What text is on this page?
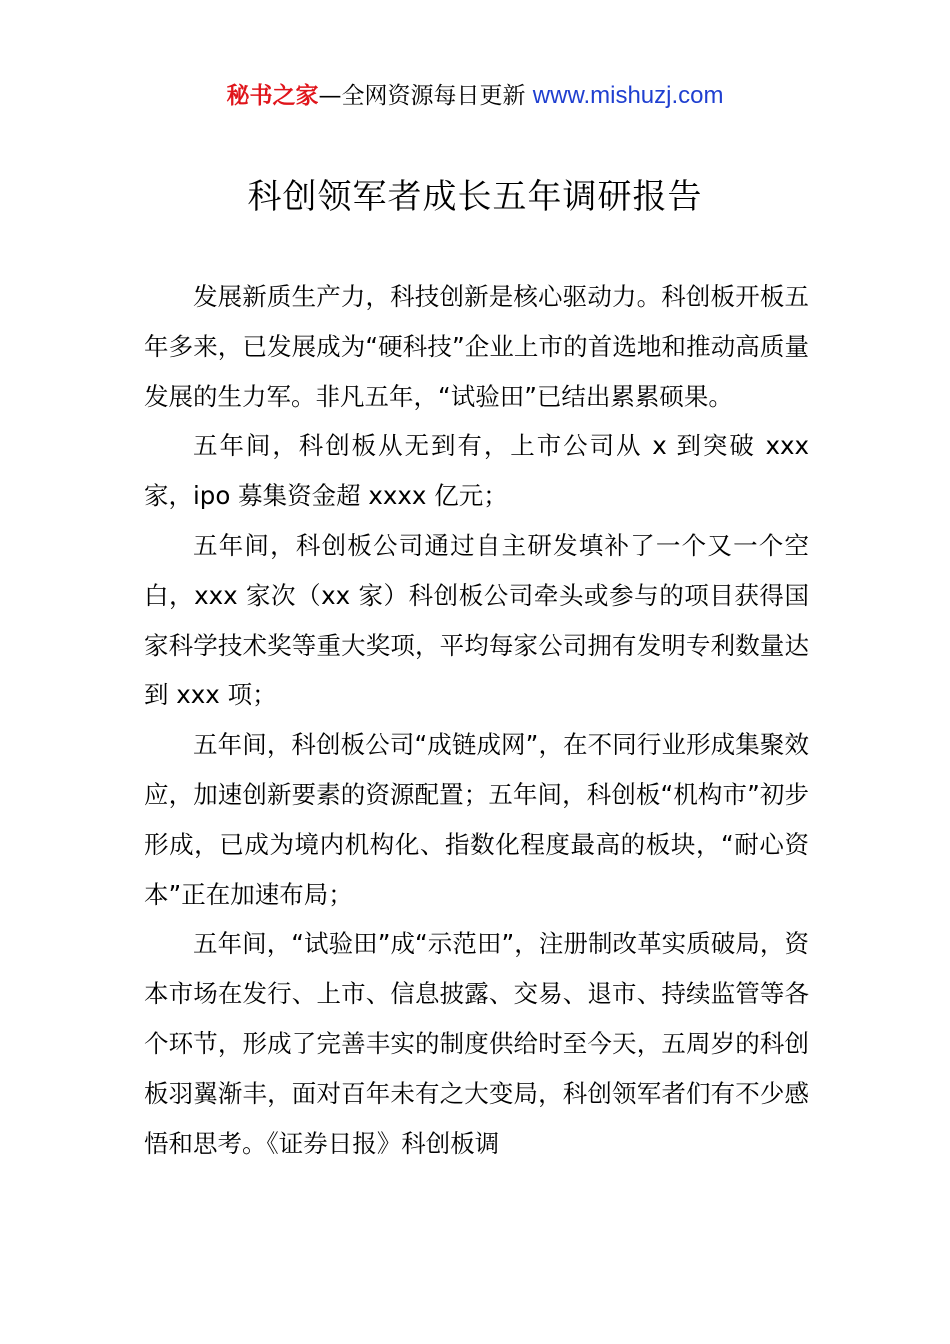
秘书之家—全网资源每日更新 www.mishuzj.com
科创领军者成长五年调研报告

发展新质生产力，科技创新是核心驱动力。科创板开板五年多来，已发展成为“硬科技”企业上市的首选地和推动高质量发展的生力军。非凡五年，“试验田”已结出累累硕果。

五年间，科创板从无到有，上市公司从 x 到突破 xxx 家，ipo 募集资金超 xxxx 亿元；

五年间，科创板公司通过自主研发填补了一个又一个空白，xxx 家次（xx 家）科创板公司牵头或参与的项目获得国家科学技术奖等重大奖项，平均每家公司拥有发明专利数量达到 xxx 项；

五年间，科创板公司“成链成网”，在不同行业形成集聚效应，加速创新要素的资源配置；五年间，科创板“机构市”初步形成，已成为境内机构化、指数化程度最高的板块，“耐心资本”正在加速布局；

五年间，“试验田”成“示范田”，注册制改革实质破局，资本市场在发行、上市、信息披露、交易、退市、持续监管等各个环节，形成了完善丰实的制度供给时至今天，五周岁的科创板羽翼渐丰，面对百年未有之大变局，科创领军者们有不少感悟和思考。《证券日报》科创板调
